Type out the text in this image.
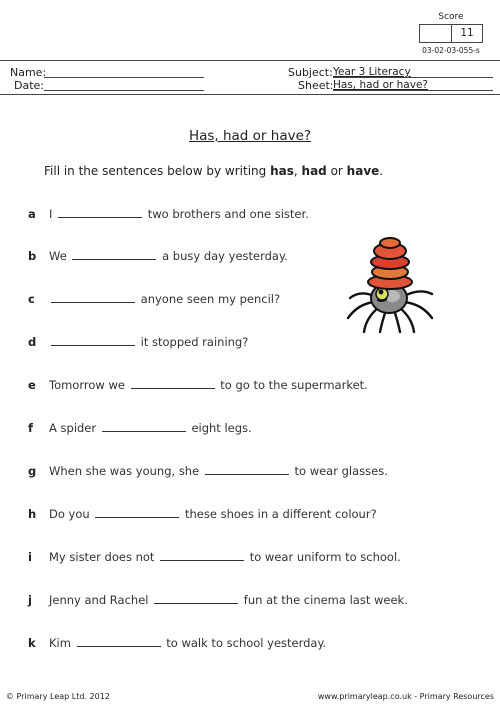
Score
11
03-02-03-055-s
Name:
Date:
Subject: Year 3 Literacy
Sheet: Has, had or have?
Has, had or have?
Fill in the sentences below by writing has, had or have.
a I	two brothers and one sister.
b We	a busy day yesterday.
c	anyone seen my pencil?
d	it stopped raining?
e Tomorrow we	to go to the supermarket.
f A spider	eight legs.
g When she was young, she	to wear glasses.
h Do you	these shoes in a different colour?
i My sister does not	to wear uniform to school.
j Jenny and Rachel	fun at the cinema last week.
k Kim	to walk to school yesterday.
© Primary Leap Ltd. 2012	www.primaryleap.co.uk - Primary Resources
